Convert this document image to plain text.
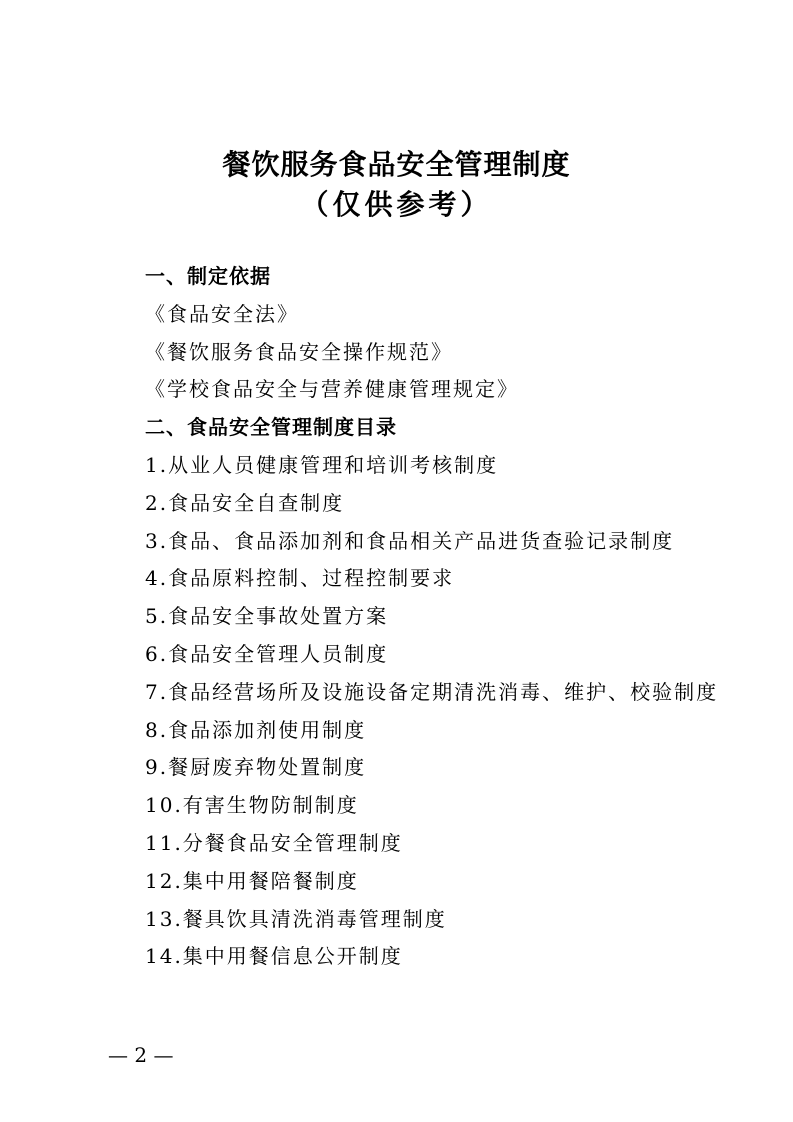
餐饮服务食品安全管理制度
（仅供参考）
一、制定依据
《食品安全法》
《餐饮服务食品安全操作规范》
《学校食品安全与营养健康管理规定》
二、食品安全管理制度目录
1.从业人员健康管理和培训考核制度
2.食品安全自查制度
3.食品、食品添加剂和食品相关产品进货查验记录制度
4.食品原料控制、过程控制要求
5.食品安全事故处置方案
6.食品安全管理人员制度
7.食品经营场所及设施设备定期清洗消毒、维护、校验制度
8.食品添加剂使用制度
9.餐厨废弃物处置制度
10.有害生物防制制度
11.分餐食品安全管理制度
12.集中用餐陪餐制度
13.餐具饮具清洗消毒管理制度
14.集中用餐信息公开制度
— 2 —
